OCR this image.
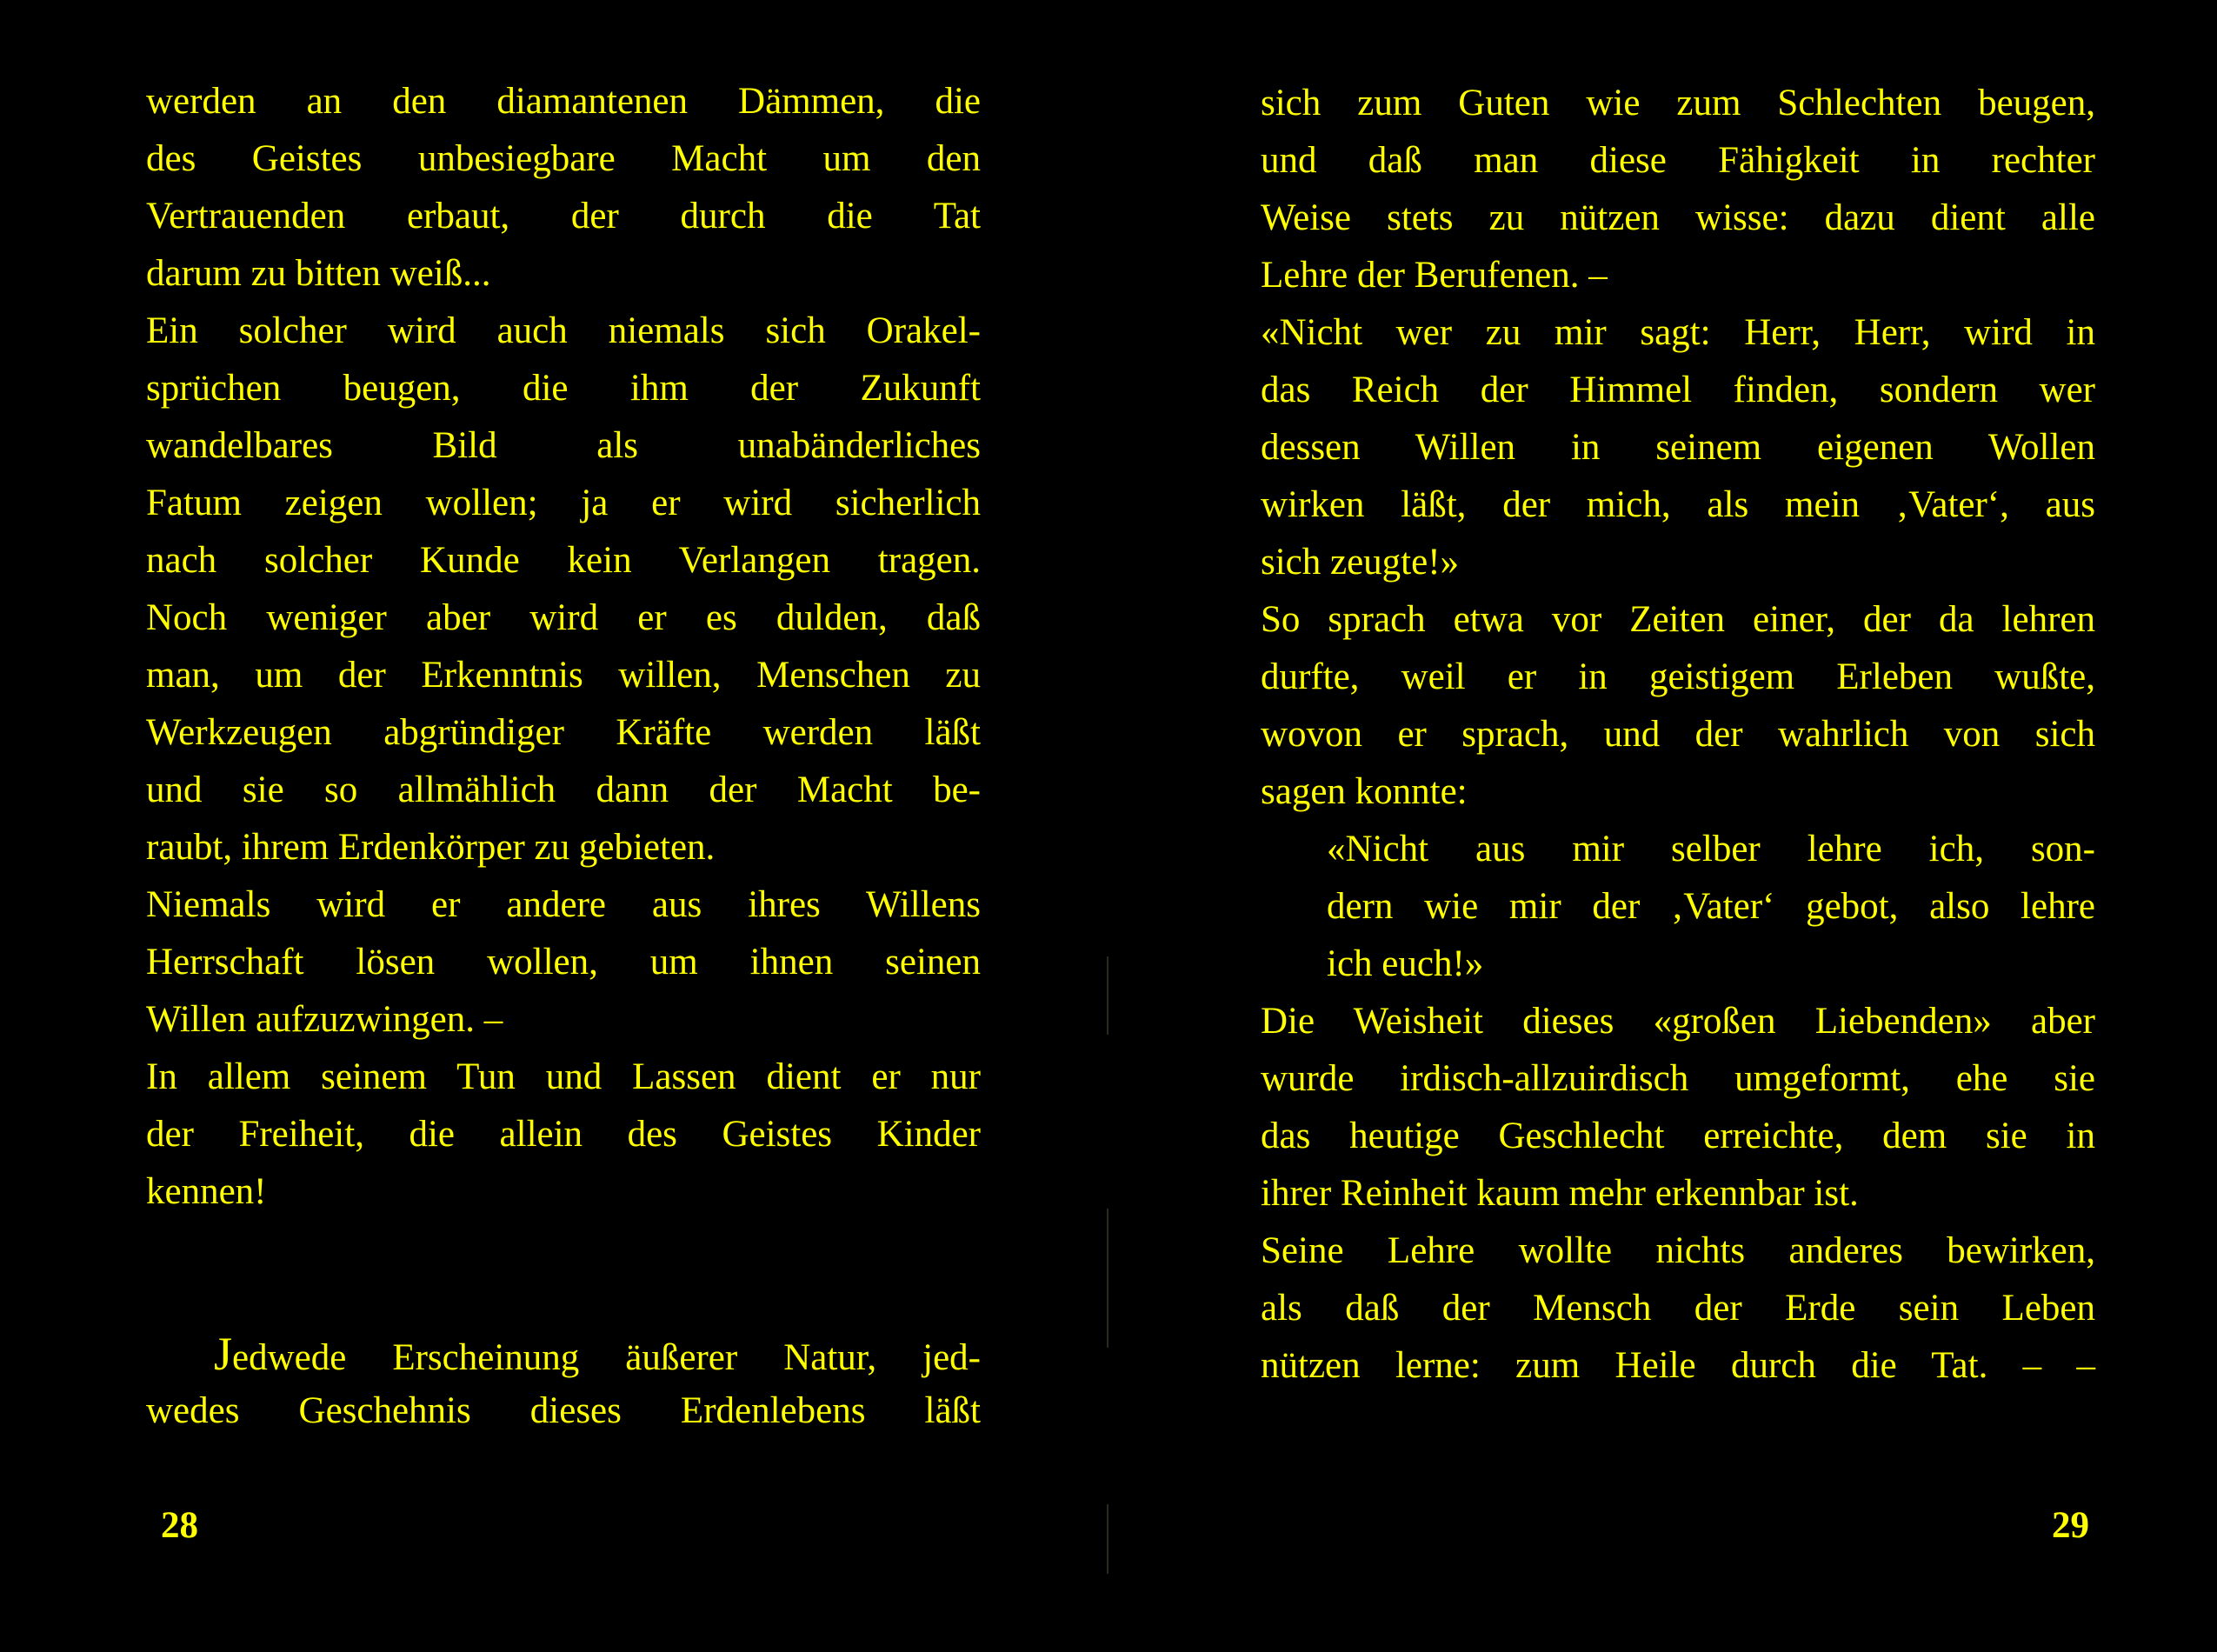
werden an den diamantenen Dämmen, die
des Geistes unbesiegbare Macht um den
Vertrauenden erbaut, der durch die Tat
darum zu bitten weiß...
Ein solcher wird auch niemals sich Orakel-
sprüchen beugen, die ihm der Zukunft
wandelbares Bild als unabänderliches
Fatum zeigen wollen; ja er wird sicherlich
nach solcher Kunde kein Verlangen tragen.
Noch weniger aber wird er es dulden, daß
man, um der Erkenntnis willen, Menschen zu
Werkzeugen abgründiger Kräfte werden läßt
und sie so allmählich dann der Macht be-
raubt, ihrem Erdenkörper zu gebieten.
Niemals wird er andere aus ihres Willens
Herrschaft lösen wollen, um ihnen seinen
Willen aufzuzwingen. –
In allem seinem Tun und Lassen dient er nur
der Freiheit, die allein des Geistes Kinder
kennen!
Jedwede Erscheinung äußerer Natur, jed-
wedes Geschehnis dieses Erdenlebens läßt
28
sich zum Guten wie zum Schlechten beugen,
und daß man diese Fähigkeit in rechter
Weise stets zu nützen wisse: dazu dient alle
Lehre der Berufenen. –
«Nicht wer zu mir sagt: Herr, Herr, wird in
das Reich der Himmel finden, sondern wer
dessen Willen in seinem eigenen Wollen
wirken läßt, der mich, als mein ‚Vater‘, aus
sich zeugte!»
So sprach etwa vor Zeiten einer, der da lehren
durfte, weil er in geistigem Erleben wußte,
wovon er sprach, und der wahrlich von sich
sagen konnte:
«Nicht aus mir selber lehre ich, son-
dern wie mir der ‚Vater‘ gebot, also lehre
ich euch!»
Die Weisheit dieses «großen Liebenden» aber
wurde irdisch-allzuirdisch umgeformt, ehe sie
das heutige Geschlecht erreichte, dem sie in
ihrer Reinheit kaum mehr erkennbar ist.
Seine Lehre wollte nichts anderes bewirken,
als daß der Mensch der Erde sein Leben
nützen lerne: zum Heile durch die Tat. – –
29
